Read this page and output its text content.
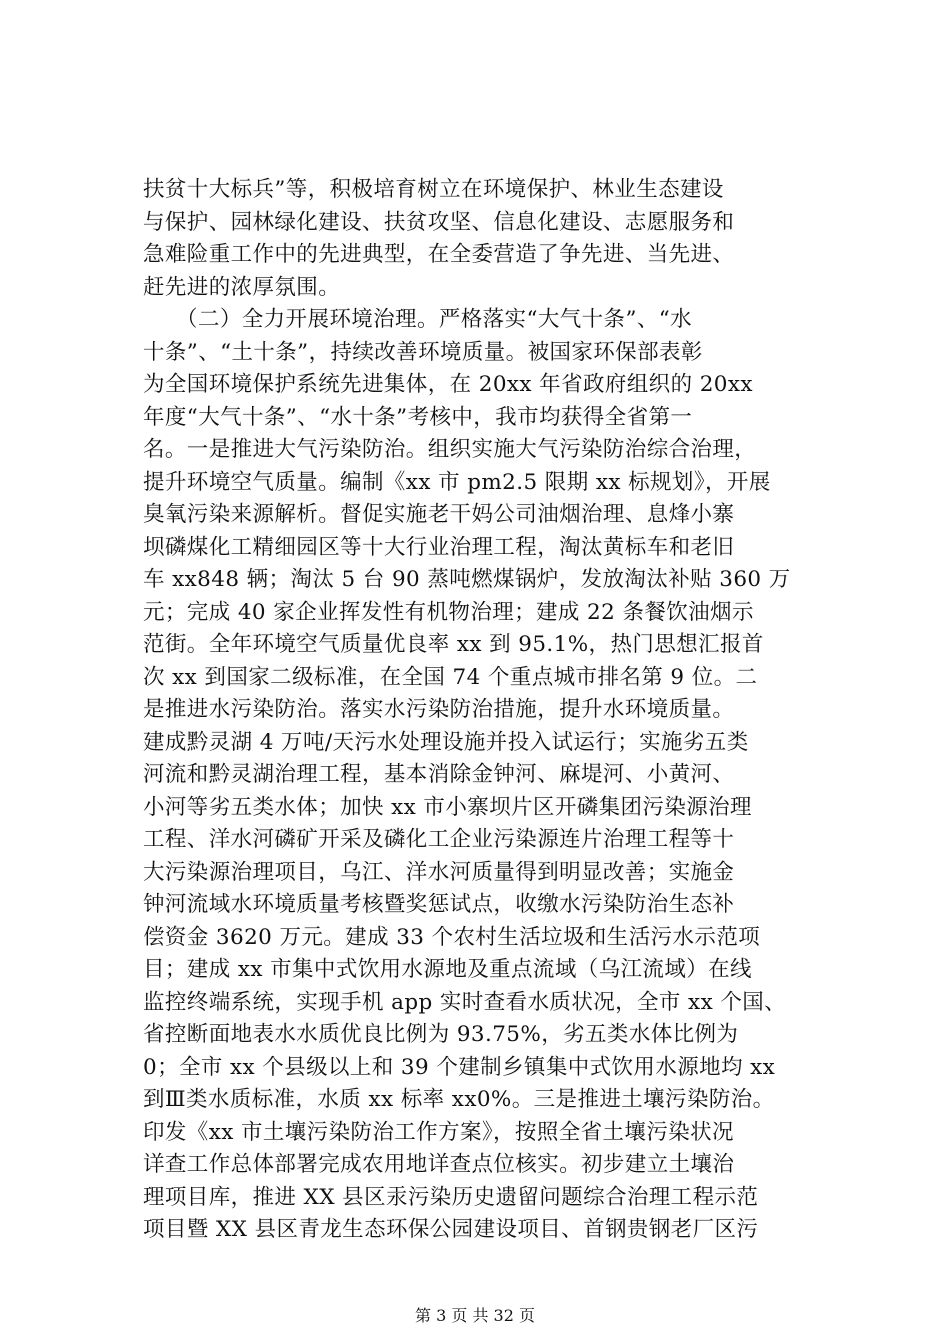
扶贫十大标兵”等，积极培育树立在环境保护、林业生态建设
与保护、园林绿化建设、扶贫攻坚、信息化建设、志愿服务和
急难险重工作中的先进典型，在全委营造了争先进、当先进、
赶先进的浓厚氛围。
　　（二）全力开展环境治理。严格落实“大气十条”、“水
十条”、“土十条”，持续改善环境质量。被国家环保部表彰
为全国环境保护系统先进集体，在 20xx 年省政府组织的 20xx
年度“大气十条”、“水十条”考核中，我市均获得全省第一
名。一是推进大气污染防治。组织实施大气污染防治综合治理，
提升环境空气质量。编制《xx 市 pm2.5 限期 xx 标规划》，开展
臭氧污染来源解析。督促实施老干妈公司油烟治理、息烽小寨
坝磷煤化工精细园区等十大行业治理工程，淘汰黄标车和老旧
车 xx848 辆；淘汰 5 台 90 蒸吨燃煤锅炉，发放淘汰补贴 360 万
元；完成 40 家企业挥发性有机物治理；建成 22 条餐饮油烟示
范街。全年环境空气质量优良率 xx 到 95.1%，热门思想汇报首
次 xx 到国家二级标准，在全国 74 个重点城市排名第 9 位。二
是推进水污染防治。落实水污染防治措施，提升水环境质量。
建成黔灵湖 4 万吨/天污水处理设施并投入试运行；实施劣五类
河流和黔灵湖治理工程，基本消除金钟河、麻堤河、小黄河、
小河等劣五类水体；加快 xx 市小寨坝片区开磷集团污染源治理
工程、洋水河磷矿开采及磷化工企业污染源连片治理工程等十
大污染源治理项目，乌江、洋水河质量得到明显改善；实施金
钟河流域水环境质量考核暨奖惩试点，收缴水污染防治生态补
偿资金 3620 万元。建成 33 个农村生活垃圾和生活污水示范项
目；建成 xx 市集中式饮用水源地及重点流域（乌江流域）在线
监控终端系统，实现手机 app 实时查看水质状况，全市 xx 个国、
省控断面地表水水质优良比例为 93.75%，劣五类水体比例为
0；全市 xx 个县级以上和 39 个建制乡镇集中式饮用水源地均 xx
到Ⅲ类水质标准，水质 xx 标率 xx0%。三是推进土壤污染防治。
印发《xx 市土壤污染防治工作方案》，按照全省土壤污染状况
详查工作总体部署完成农用地详查点位核实。初步建立土壤治
理项目库，推进 XX 县区汞污染历史遗留问题综合治理工程示范
项目暨 XX 县区青龙生态环保公园建设项目、首钢贵钢老厂区污
第 3 页 共 32 页
